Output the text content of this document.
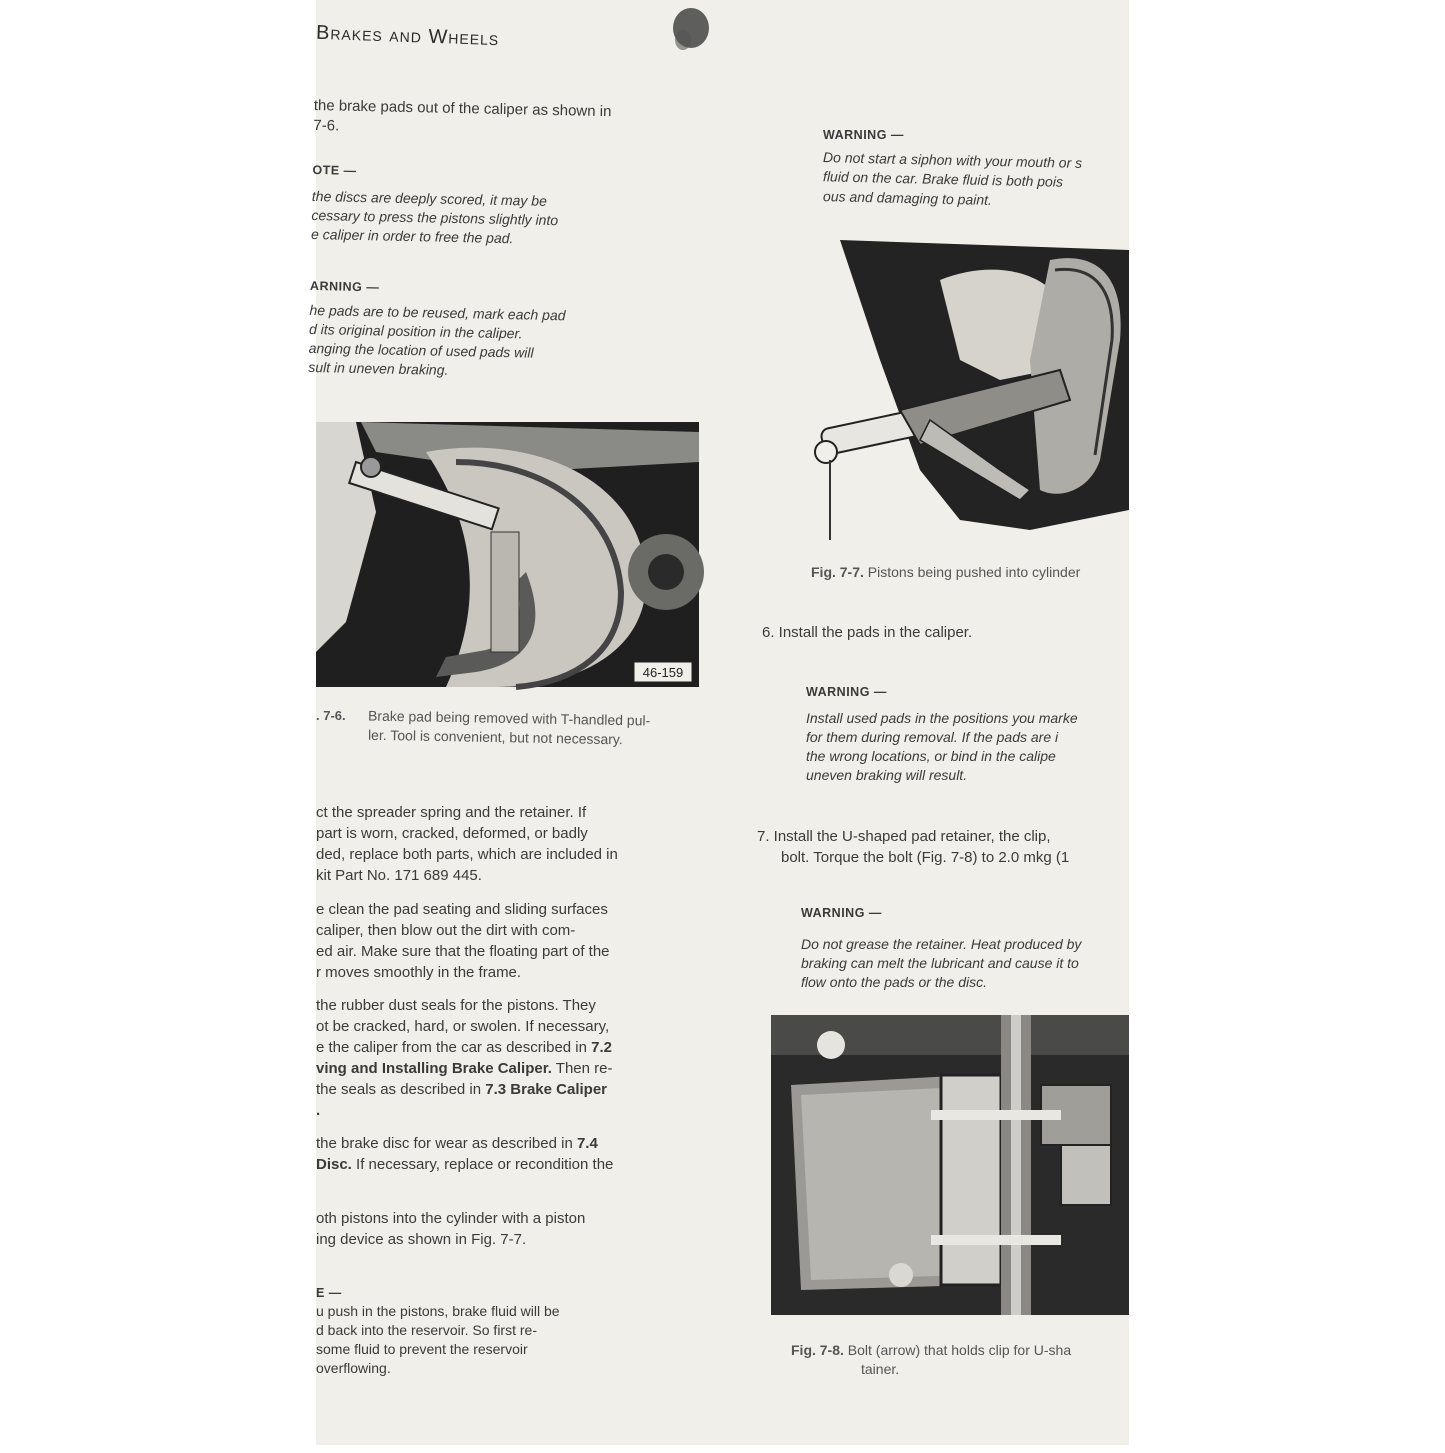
Brakes and Wheels
the brake pads out of the caliper as shown in
7-6.
OTE —
the discs are deeply scored, it may be
cessary to press the pistons slightly into
e caliper in order to free the pad.
ARNING —
he pads are to be reused, mark each pad
d its original position in the caliper.
anging the location of used pads will
sult in uneven braking.
46-159
. 7-6. Brake pad being removed with T-handled pul-
ler. Tool is convenient, but not necessary.
ct the spreader spring and the retainer. If
part is worn, cracked, deformed, or badly
ded, replace both parts, which are included in
kit Part No. 171 689 445.
e clean the pad seating and sliding surfaces
caliper, then blow out the dirt with com-
ed air. Make sure that the floating part of the
r moves smoothly in the frame.
the rubber dust seals for the pistons. They
ot be cracked, hard, or swolen. If necessary,
e the caliper from the car as described in 7.2
ving and Installing Brake Caliper. Then re-
the seals as described in 7.3 Brake Caliper
.
the brake disc for wear as described in 7.4
Disc. If necessary, replace or recondition the
oth pistons into the cylinder with a piston
ing device as shown in Fig. 7-7.
E —
u push in the pistons, brake fluid will be
d back into the reservoir. So first re-
some fluid to prevent the reservoir
overflowing.
WARNING —
Do not start a siphon with your mouth or s
fluid on the car. Brake fluid is both pois
ous and damaging to paint.
Fig. 7-7. Pistons being pushed into cylinder
6. Install the pads in the caliper.
WARNING —
Install used pads in the positions you marke
for them during removal. If the pads are i
the wrong locations, or bind in the calipe
uneven braking will result.
7. Install the U-shaped pad retainer, the clip,
bolt. Torque the bolt (Fig. 7-8) to 2.0 mkg (1
WARNING —
Do not grease the retainer. Heat produced by
braking can melt the lubricant and cause it to
flow onto the pads or the disc.
Fig. 7-8. Bolt (arrow) that holds clip for U-sha
tainer.
